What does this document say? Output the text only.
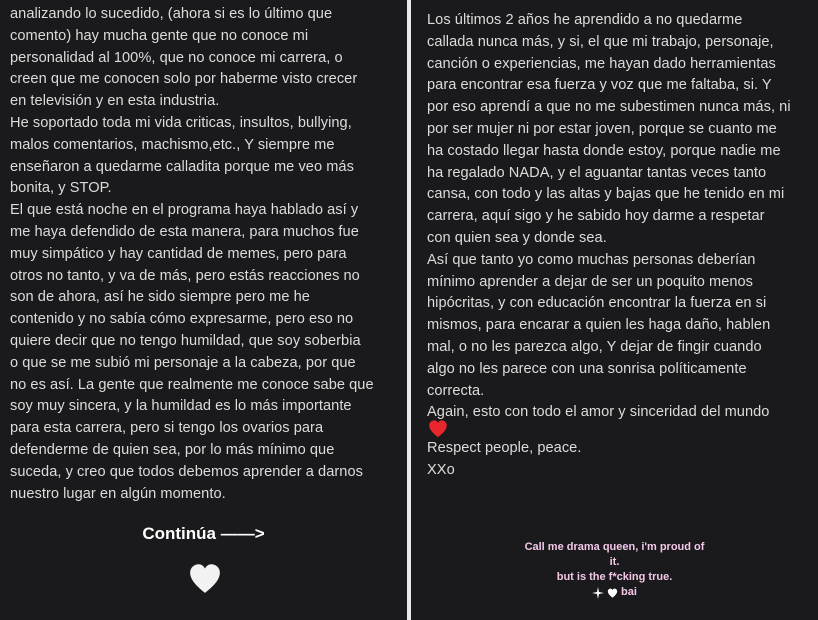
analizando lo sucedido, (ahora si es lo último que
comento) hay mucha gente que no conoce mi
personalidad al 100%, que no conoce mi carrera, o
creen que me conocen solo por haberme visto crecer
en televisión y en esta industria.
He soportado toda mi vida criticas, insultos, bullying,
malos comentarios, machismo,etc., Y siempre me
enseñaron a quedarme calladita porque me veo más
bonita, y STOP.
El que está noche en el programa haya hablado así y
me haya defendido de esta manera, para muchos fue
muy simpático y hay cantidad de memes, pero para
otros no tanto, y va de más, pero estás reacciones no
son de ahora, así he sido siempre pero me he
contenido y no sabía cómo expresarme, pero eso no
quiere decir que no tengo humildad, que soy soberbia
o que se me subió mi personaje a la cabeza, por que
no es así. La gente que realmente me conoce sabe que
soy muy sincera, y la humildad es lo más importante
para esta carrera, pero si tengo los ovarios para
defenderme de quien sea, por lo más mínimo que
suceda, y creo que todos debemos aprender a darnos
nuestro lugar en algún momento.
Continúa ——>
Los últimos 2 años he aprendido a no quedarme
callada nunca más, y si, el que mi trabajo, personaje,
canción o experiencias, me hayan dado herramientas
para encontrar esa fuerza y voz que me faltaba, si. Y
por eso aprendí a que no me subestimen nunca más, ni
por ser mujer ni por estar joven, porque se cuanto me
ha costado llegar hasta donde estoy, porque nadie me
ha regalado NADA, y el aguantar tantas veces tanto
cansa, con todo y las altas y bajas que he tenido en mi
carrera, aquí sigo y he sabido hoy darme a respetar
con quien sea y donde sea.
Así que tanto yo como muchas personas deberían
mínimo aprender a dejar de ser un poquito menos
hipócritas, y con educación encontrar la fuerza en si
mismos, para encarar a quien les haga daño, hablen
mal, o no les parezca algo, Y dejar de fingir cuando
algo no les parece con una sonrisa políticamente
correcta.
Again, esto con todo el amor y sinceridad del mundo
Respect people, peace.
XXo
Call me drama queen, i'm proud of
it.
but is the f*cking true.
bai
